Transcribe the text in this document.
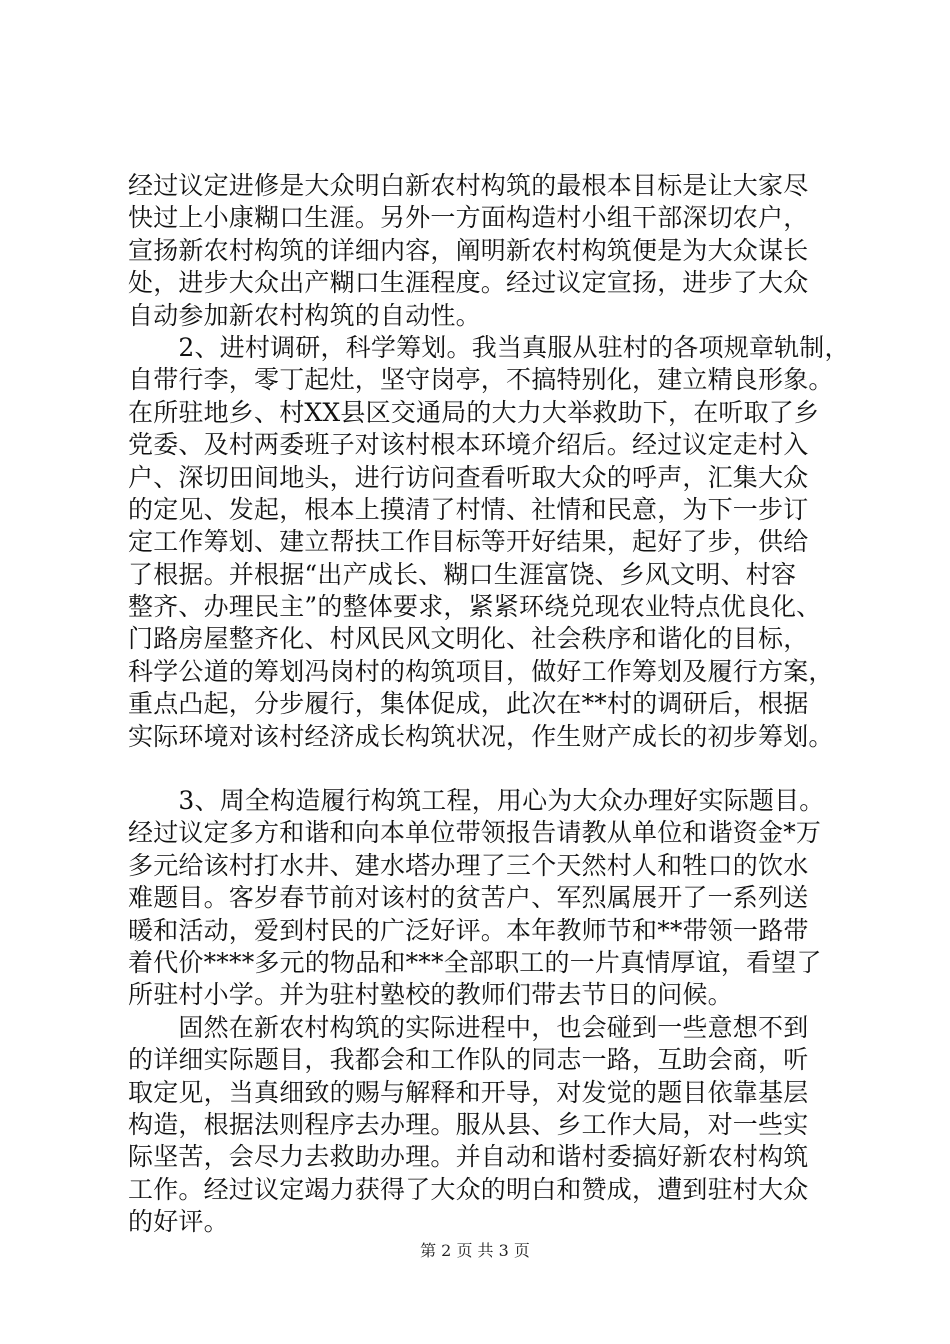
经过议定进修是大众明白新农村构筑的最根本目标是让大家尽
快过上小康糊口生涯。另外一方面构造村小组干部深切农户，
宣扬新农村构筑的详细内容，阐明新农村构筑便是为大众谋长
处，进步大众出产糊口生涯程度。经过议定宣扬，进步了大众
自动参加新农村构筑的自动性。
　　2、进村调研，科学筹划。我当真服从驻村的各项规章轨制，
自带行李，零丁起灶，坚守岗亭，不搞特别化，建立精良形象。
在所驻地乡、村XX县区交通局的大力大举救助下，在听取了乡
党委、及村两委班子对该村根本环境介绍后。经过议定走村入
户、深切田间地头，进行访问查看听取大众的呼声，汇集大众
的定见、发起，根本上摸清了村情、社情和民意，为下一步订
定工作筹划、建立帮扶工作目标等开好结果，起好了步，供给
了根据。并根据“出产成长、糊口生涯富饶、乡风文明、村容
整齐、办理民主”的整体要求，紧紧环绕兑现农业特点优良化、
门路房屋整齐化、村风民风文明化、社会秩序和谐化的目标，
科学公道的筹划冯岗村的构筑项目，做好工作筹划及履行方案，
重点凸起，分步履行，集体促成，此次在**村的调研后，根据
实际环境对该村经济成长构筑状况，作生财产成长的初步筹划。
　　3、周全构造履行构筑工程，用心为大众办理好实际题目。
经过议定多方和谐和向本单位带领报告请教从单位和谐资金*万
多元给该村打水井、建水塔办理了三个天然村人和牲口的饮水
难题目。客岁春节前对该村的贫苦户、军烈属展开了一系列送
暖和活动，爱到村民的广泛好评。本年教师节和**带领一路带
着代价****多元的物品和***全部职工的一片真情厚谊，看望了
所驻村小学。并为驻村塾校的教师们带去节日的问候。
　　固然在新农村构筑的实际进程中，也会碰到一些意想不到
的详细实际题目，我都会和工作队的同志一路，互助会商，听
取定见，当真细致的赐与解释和开导，对发觉的题目依靠基层
构造，根据法则程序去办理。服从县、乡工作大局，对一些实
际坚苦，会尽力去救助办理。并自动和谐村委搞好新农村构筑
工作。经过议定竭力获得了大众的明白和赞成，遭到驻村大众
的好评。
第 2 页 共 3 页
